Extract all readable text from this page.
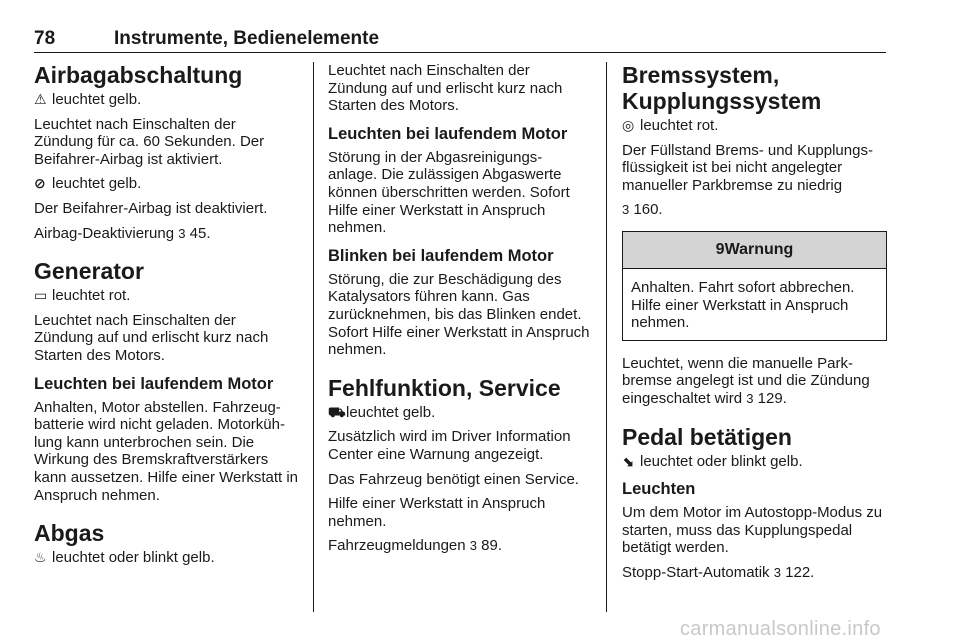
78	Instrumente, Bedienelemente
Airbagabschaltung

⚠ leuchtet gelb.

Leuchtet nach Einschalten der Zündung für ca. 60 Sekunden. Der Beifahrer-Airbag ist aktiviert.

⊘ leuchtet gelb.

Der Beifahrer-Airbag ist deaktiviert.

Airbag-Deaktivierung 3 45.

Generator

▭ leuchtet rot.

Leuchtet nach Einschalten der Zündung auf und erlischt kurz nach Starten des Motors.

Leuchten bei laufendem Motor

Anhalten, Motor abstellen. Fahrzeug-batterie wird nicht geladen. Motorküh-lung kann unterbrochen sein. Die Wirkung des Bremskraftverstärkers kann aussetzen. Hilfe einer Werkstatt in Anspruch nehmen.

Abgas

♨ leuchtet oder blinkt gelb.

Leuchtet nach Einschalten der Zündung auf und erlischt kurz nach Starten des Motors.

Leuchten bei laufendem Motor

Störung in der Abgasreinigungs-anlage. Die zulässigen Abgaswerte können überschritten werden. Sofort Hilfe einer Werkstatt in Anspruch nehmen.

Blinken bei laufendem Motor

Störung, die zur Beschädigung des Katalysators führen kann. Gas zurücknehmen, bis das Blinken endet. Sofort Hilfe einer Werkstatt in Anspruch nehmen.

Fehlfunktion, Service

⛟leuchtet gelb.

Zusätzlich wird im Driver Information Center eine Warnung angezeigt.

Das Fahrzeug benötigt einen Service.

Hilfe einer Werkstatt in Anspruch nehmen.

Fahrzeugmeldungen 3 89.

Bremssystem, Kupplungssystem

◎ leuchtet rot.

Der Füllstand Brems- und Kupplungs-flüssigkeit ist bei nicht angelegter manueller Parkbremse zu niedrig

3 160.

9Warnung
Anhalten. Fahrt sofort abbrechen. Hilfe einer Werkstatt in Anspruch nehmen.

Leuchtet, wenn die manuelle Park-bremse angelegt ist und die Zündung eingeschaltet wird 3 129.

Pedal betätigen

⬊ leuchtet oder blinkt gelb.

Leuchten

Um dem Motor im Autostopp-Modus zu starten, muss das Kupplungspedal betätigt werden.

Stopp-Start-Automatik 3 122.

carmanualsonline.info
